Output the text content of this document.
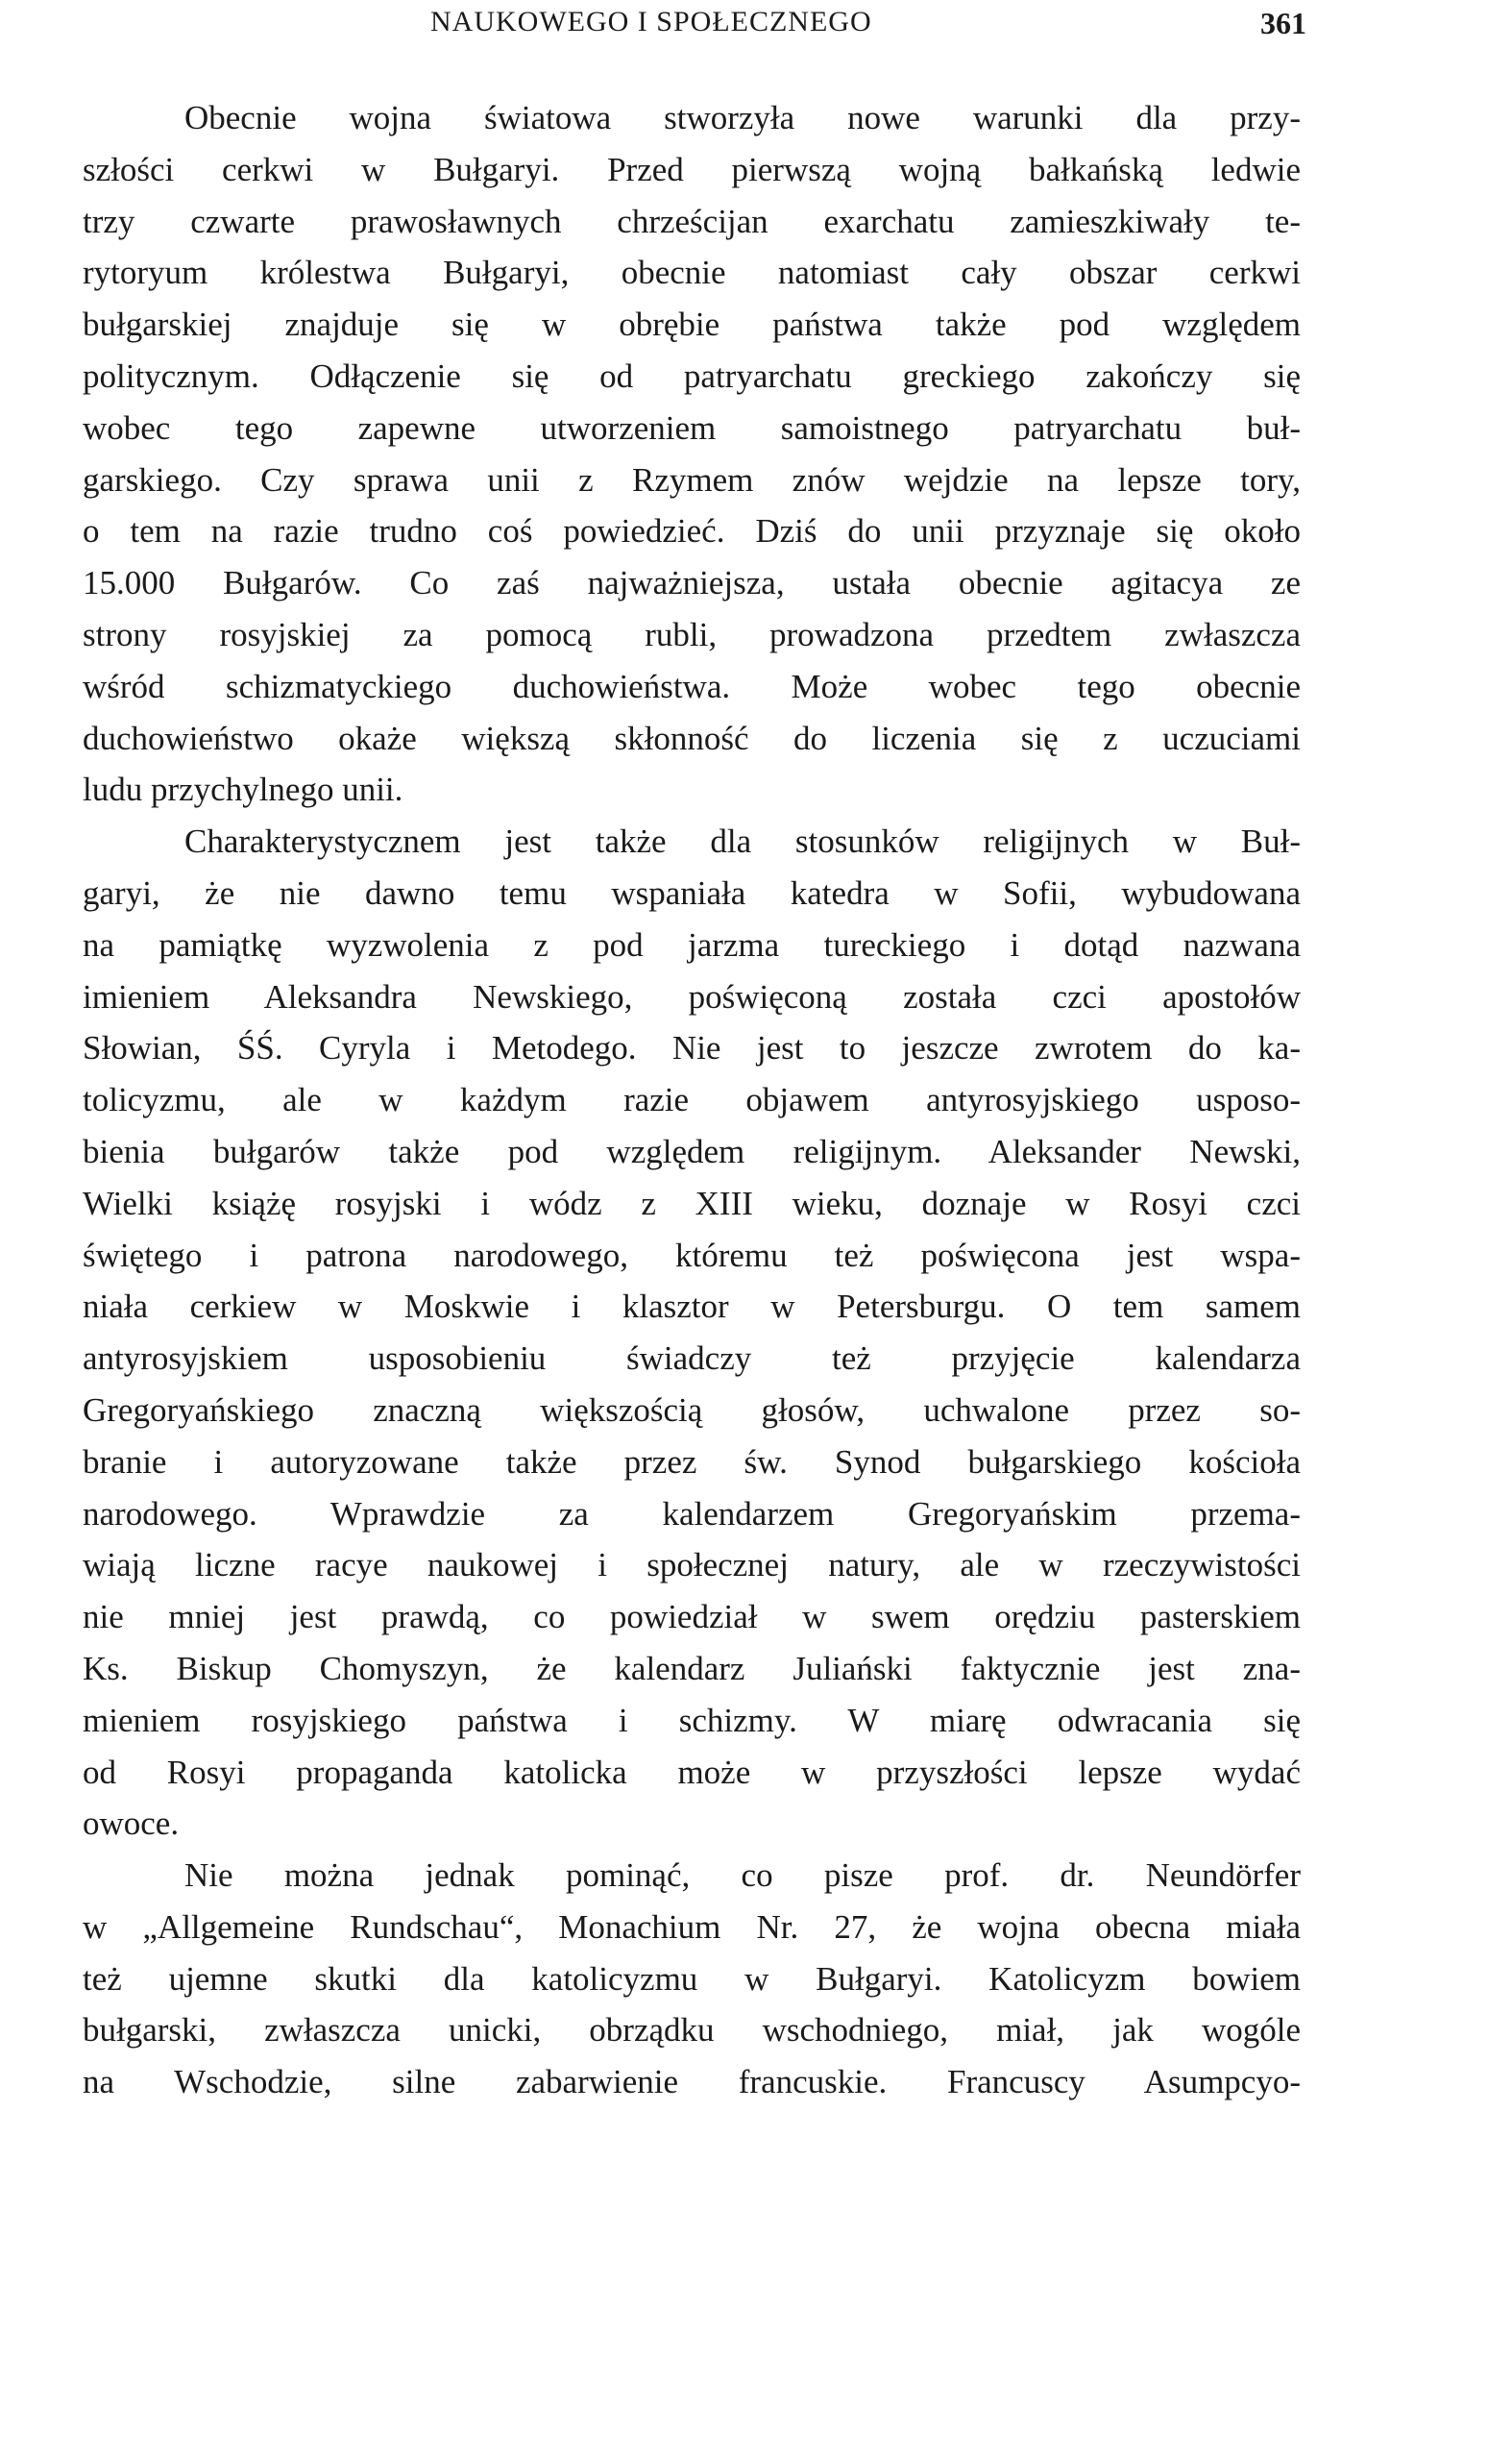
NAUKOWEGO I SPOŁECZNEGO	361
Obecnie wojna światowa stworzyła nowe warunki dla przy-
szłości cerkwi w Bułgaryi. Przed pierwszą wojną bałkańską ledwie
trzy czwarte prawosławnych chrześcijan exarchatu zamieszkiwały te-
rytoryum królestwa Bułgaryi, obecnie natomiast cały obszar cerkwi
bułgarskiej znajduje się w obrębie państwa także pod względem
politycznym. Odłączenie się od patryarchatu greckiego zakończy się
wobec tego zapewne utworzeniem samoistnego patryarchatu buł-
garskiego. Czy sprawa unii z Rzymem znów wejdzie na lepsze tory,
o tem na razie trudno coś powiedzieć. Dziś do unii przyznaje się około
15.000 Bułgarów. Co zaś najważniejsza, ustała obecnie agitacya ze
strony rosyjskiej za pomocą rubli, prowadzona przedtem zwłaszcza
wśród schizmatyckiego duchowieństwa. Może wobec tego obecnie
duchowieństwo okaże większą skłonność do liczenia się z uczuciami
ludu przychylnego unii.
Charakterystycznem jest także dla stosunków religijnych w Buł-
garyi, że nie dawno temu wspaniała katedra w Sofii, wybudowana
na pamiątkę wyzwolenia z pod jarzma tureckiego i dotąd nazwana
imieniem Aleksandra Newskiego, poświęconą została czci apostołów
Słowian, ŚŚ. Cyryla i Metodego. Nie jest to jeszcze zwrotem do ka-
tolicyzmu, ale w każdym razie objawem antyrosyjskiego usposo-
bienia bułgarów także pod względem religijnym. Aleksander Newski,
Wielki książę rosyjski i wódz z XIII wieku, doznaje w Rosyi czci
świętego i patrona narodowego, któremu też poświęcona jest wspa-
niała cerkiew w Moskwie i klasztor w Petersburgu. O tem samem
antyrosyjskiem usposobieniu świadczy też przyjęcie kalendarza
Gregoryańskiego znaczną większością głosów, uchwalone przez so-
branie i autoryzowane także przez św. Synod bułgarskiego kościoła
narodowego. Wprawdzie za kalendarzem Gregoryańskim przema-
wiają liczne racye naukowej i społecznej natury, ale w rzeczywistości
nie mniej jest prawdą, co powiedział w swem orędziu pasterskiem
Ks. Biskup Chomyszyn, że kalendarz Juliański faktycznie jest zna-
mieniem rosyjskiego państwa i schizmy. W miarę odwracania się
od Rosyi propaganda katolicka może w przyszłości lepsze wydać
owoce.
Nie można jednak pominąć, co pisze prof. dr. Neundörfer
w „Allgemeine Rundschau“, Monachium Nr. 27, że wojna obecna miała
też ujemne skutki dla katolicyzmu w Bułgaryi. Katolicyzm bowiem
bułgarski, zwłaszcza unicki, obrządku wschodniego, miał, jak wogóle
na Wschodzie, silne zabarwienie francuskie. Francuscy Asumpcyo-
